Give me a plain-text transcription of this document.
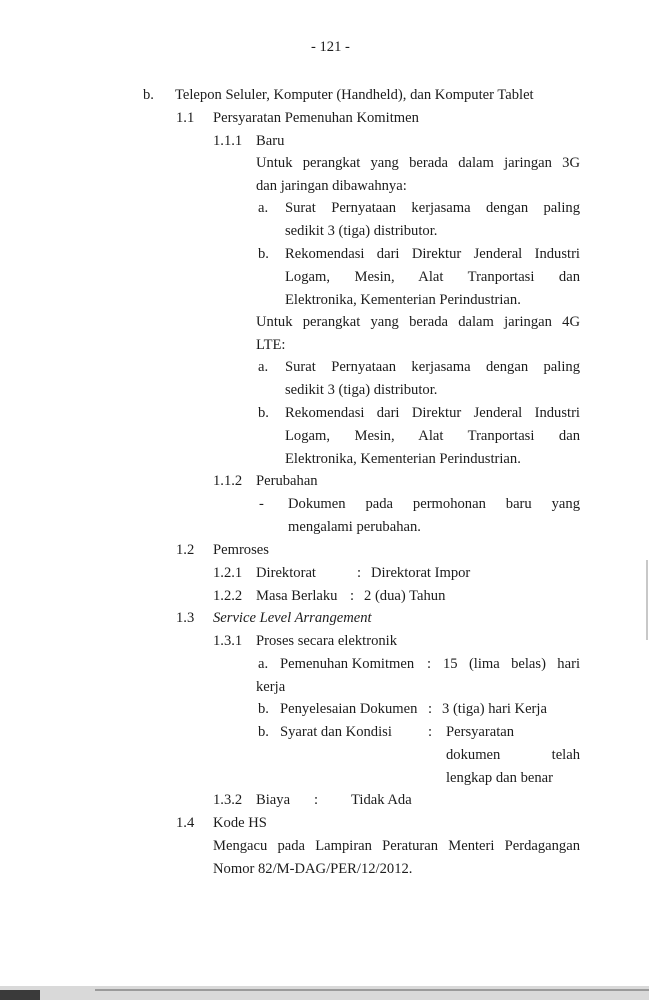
- 121 -
b. Telepon Seluler, Komputer (Handheld), dan Komputer Tablet
1.1 Persyaratan Pemenuhan Komitmen
1.1.1 Baru
Untuk perangkat yang berada dalam jaringan 3G
dan jaringan dibawahnya:
a. Surat Pernyataan kerjasama dengan paling
sedikit 3 (tiga) distributor.
b. Rekomendasi dari Direktur Jenderal Industri
Logam, Mesin, Alat Tranportasi dan
Elektronika, Kementerian Perindustrian.
Untuk perangkat yang berada dalam jaringan 4G
LTE:
a. Surat Pernyataan kerjasama dengan paling
sedikit 3 (tiga) distributor.
b. Rekomendasi dari Direktur Jenderal Industri
Logam, Mesin, Alat Tranportasi dan
Elektronika, Kementerian Perindustrian.
1.1.2 Perubahan
- Dokumen pada permohonan baru yang
mengalami perubahan.
1.2 Pemroses
1.2.1 Direktorat	: Direktorat Impor
1.2.2 Masa Berlaku : 2 (dua) Tahun
1.3 Service Level Arrangement
1.3.1 Proses secara elektronik
a. Pemenuhan Komitmen : 15 (lima belas) hari
kerja
b. Penyelesaian Dokumen : 3 (tiga) hari Kerja
b. Syarat dan Kondisi : Persyaratan
dokumen telah
lengkap dan benar
1.3.2 Biaya : Tidak Ada
1.4 Kode HS
Mengacu pada Lampiran Peraturan Menteri Perdagangan
Nomor 82/M-DAG/PER/12/2012.
